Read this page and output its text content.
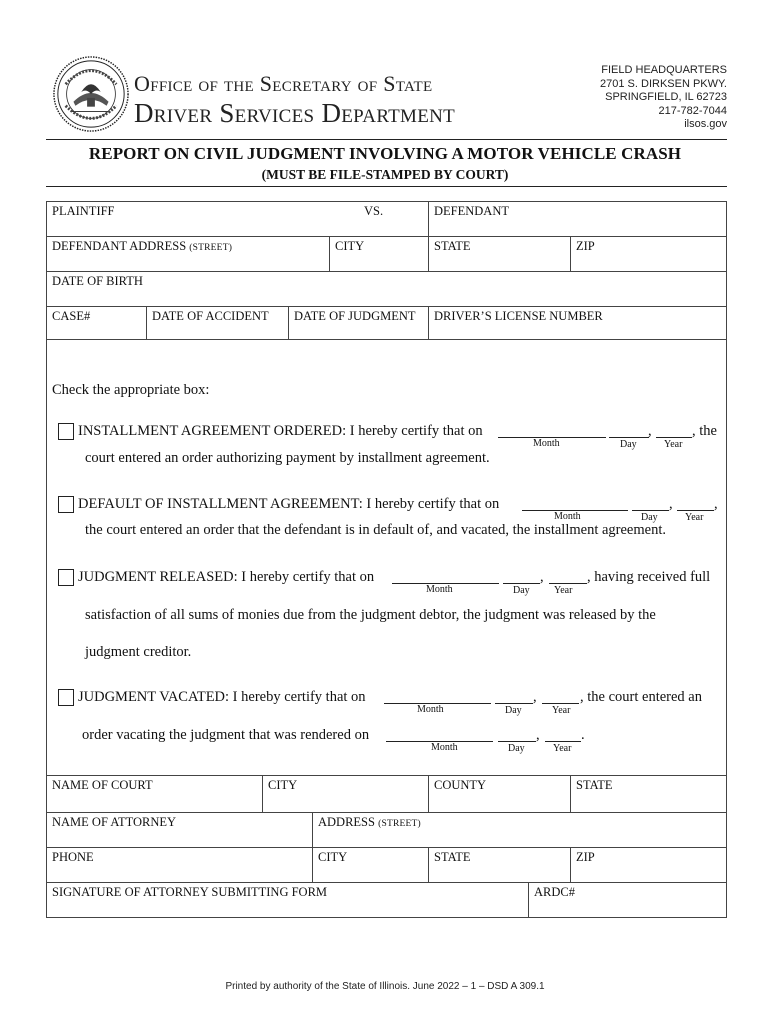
Office of the Secretary of State
Driver Services Department
FIELD HEADQUARTERS
2701 S. DIRKSEN PKWY.
SPRINGFIELD, IL 62723
217-782-7044
ilsos.gov
REPORT ON CIVIL JUDGMENT INVOLVING A MOTOR VEHICLE CRASH
(MUST BE FILE-STAMPED BY COURT)
PLAINTIFF	VS.	DEFENDANT
DEFENDANT ADDRESS (STREET)	CITY	STATE	ZIP
DATE OF BIRTH
CASE#	DATE OF ACCIDENT	DATE OF JUDGMENT	DRIVER’S LICENSE NUMBER
Check the appropriate box:
INSTALLMENT AGREEMENT ORDERED: I hereby certify that on	,	, the
Month	Day	Year
court entered an order authorizing payment by installment agreement.
DEFAULT OF INSTALLMENT AGREEMENT: I hereby certify that on	,	,
Month	Day	Year
the court entered an order that the defendant is in default of, and vacated, the installment agreement.
JUDGMENT RELEASED: I hereby certify that on	,	, having received full
Month	Day Year
satisfaction of all sums of monies due from the judgment debtor, the judgment was released by the
judgment creditor.
JUDGMENT VACATED: I hereby certify that on	,	, the court entered an
Month	Day	Year
order vacating the judgment that was rendered on	,	.
Month	Day	Year
NAME OF COURT	CITY	COUNTY	STATE
NAME OF ATTORNEY	ADDRESS (STREET)
PHONE	CITY	STATE	ZIP
SIGNATURE OF ATTORNEY SUBMITTING FORM	ARDC#
Printed by authority of the State of Illinois. June 2022 – 1 – DSD A 309.1
